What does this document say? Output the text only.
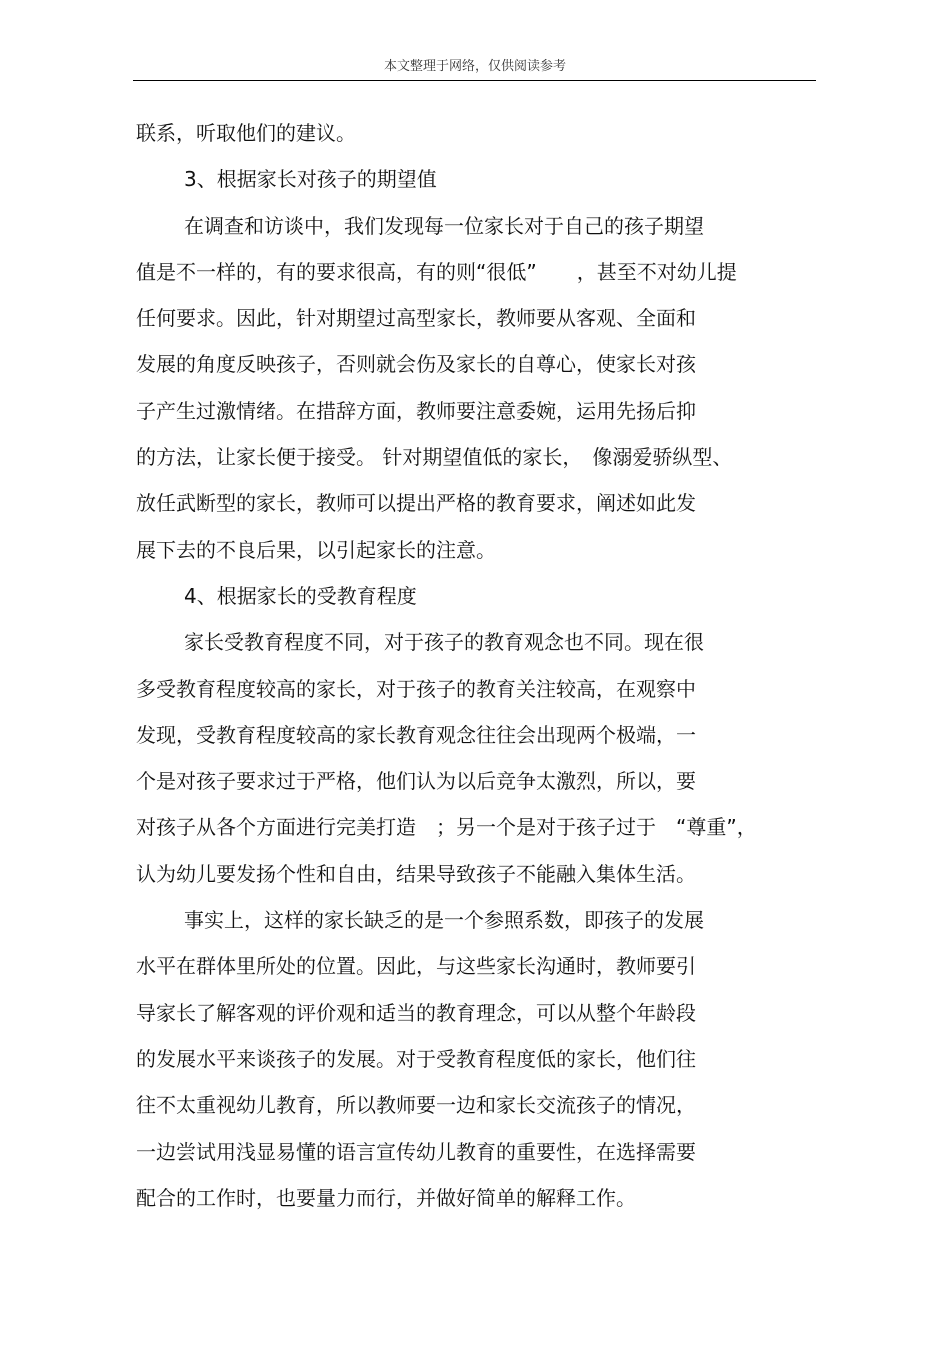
本文整理于网络，仅供阅读参考
联系，听取他们的建议。
3、根据家长对孩子的期望值
在调查和访谈中，我们发现每一位家长对于自己的孩子期望
值是不一样的，有的要求很高，有的则“很低”　　，甚至不对幼儿提
任何要求。因此，针对期望过高型家长，教师要从客观、全面和
发展的角度反映孩子，否则就会伤及家长的自尊心，使家长对孩
子产生过激情绪。在措辞方面，教师要注意委婉，运用先扬后抑
的方法，让家长便于接受。 针对期望值低的家长，　像溺爱骄纵型、
放任武断型的家长，教师可以提出严格的教育要求，阐述如此发
展下去的不良后果，以引起家长的注意。
4、根据家长的受教育程度
家长受教育程度不同，对于孩子的教育观念也不同。现在很
多受教育程度较高的家长，对于孩子的教育关注较高，在观察中
发现，受教育程度较高的家长教育观念往往会出现两个极端，一
个是对孩子要求过于严格，他们认为以后竞争太激烈，所以，要
对孩子从各个方面进行完美打造　；另一个是对于孩子过于　“尊重”，
认为幼儿要发扬个性和自由，结果导致孩子不能融入集体生活。
事实上，这样的家长缺乏的是一个参照系数，即孩子的发展
水平在群体里所处的位置。因此，与这些家长沟通时，教师要引
导家长了解客观的评价观和适当的教育理念，可以从整个年龄段
的发展水平来谈孩子的发展。对于受教育程度低的家长，他们往
往不太重视幼儿教育，所以教师要一边和家长交流孩子的情况，
一边尝试用浅显易懂的语言宣传幼儿教育的重要性，在选择需要
配合的工作时，也要量力而行，并做好简单的解释工作。
